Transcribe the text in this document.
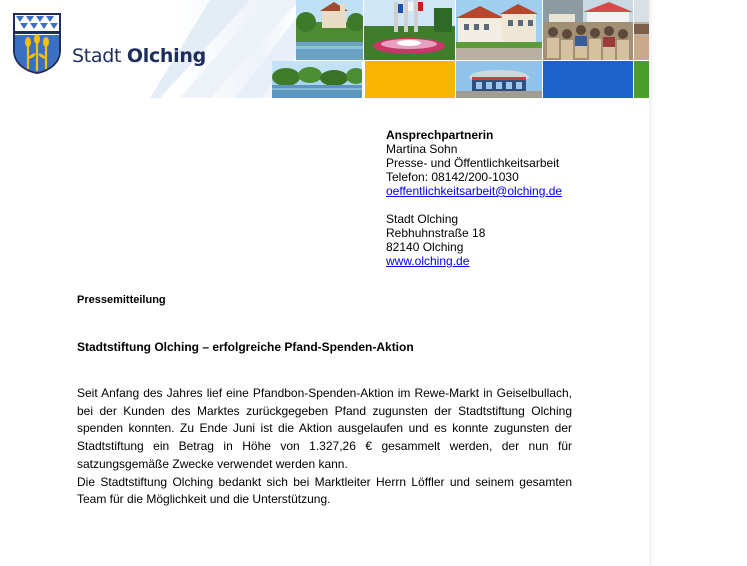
Stadt Olching
Ansprechpartnerin
Martina Sohn
Presse- und Öffentlichkeitsarbeit
Telefon: 08142/200-1030
oeffentlichkeitsarbeit@olching.de
Stadt Olching
Rebhuhnstraße 18
82140 Olching
www.olching.de
Pressemitteilung
Stadtstiftung Olching – erfolgreiche Pfand-Spenden-Aktion

Seit Anfang des Jahres lief eine Pfandbon-Spenden-Aktion im Rewe-Markt in Geiselbullach, bei der Kunden des Marktes zurückgegeben Pfand zugunsten der Stadtstiftung Olching spenden konnten. Zu Ende Juni ist die Aktion ausgelaufen und es konnte zugunsten der Stadtstiftung ein Betrag in Höhe von 1.327,26 € gesammelt werden, der nun für satzungsgemäße Zwecke verwendet werden kann.

Die Stadtstiftung Olching bedankt sich bei Marktleiter Herrn Löffler und seinem gesamten Team für die Möglichkeit und die Unterstützung.
